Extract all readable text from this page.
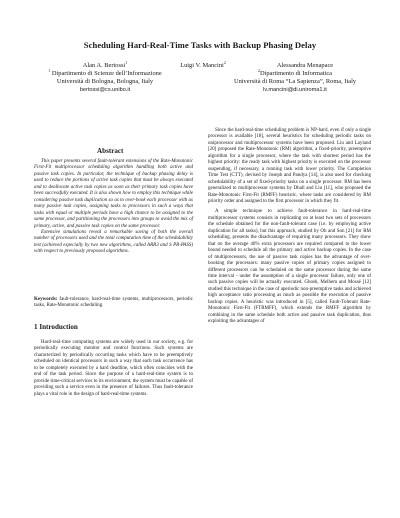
Scheduling Hard-Real-Time Tasks with Backup Phasing Delay
Alan A. Bertossi$^1$
$^1$ Dipartimento di Scienze dell’Informazione
Università di Bologna, Bologna, Italy
bertossi@cs.unibo.it
Luigi V. Mancini$^2$	Alessandra Menapace
$^2$Dipartimento di Informatica
Università di Roma “La Sapienza”, Roma, Italy
lv.mancini@di.uniroma1.it
Abstract

This paper presents several fault-tolerant extensions of the Rate-Monotonic First-Fit multiprocessor scheduling algorithm handling both active and passive task copies. In particular, the technique of backup phasing delay is used to reduce the portions of active task copies that must be always executed and to deallocate active task copies as soon as their primary task copies have been successfully executed. It is also shown how to employ this technique while considering passive task duplication so as to over-book each processor with as many passive task copies, assigning tasks to processors in such a ways that tasks with equal or multiple periods have a high chance to be assigned to the same processor, and partitioning the processors into groups to avoid the mix of primary, active, and passive task copies on the same processor.

Extensive simulations reveal a remarkable saving of both the overall number of processors used and the total computation time of the schedulability test (achieved especially by two new algorithms, called ARR3 and S PR-PASS) with respect to previously proposed algorithms.

Keywords: fault-tolerance, hard-real-time systems, multiprocessors, periodic tasks, Rate-Monotonic scheduling.
1 Introduction

Hard-real-time computing systems are widely used in our society, e.g. for periodically executing monitor and control functions. Such systems are characterized by periodically occurring tasks which have to be preemptively scheduled on identical processors in such a way that each task occurrence has to be completely executed by a hard deadline, which often coincides with the end of the task period. Since the purpose of a hard-real-time system is to provide time-critical services to its environment, the system must be capable of providing such a service even in the presence of failures. Thus fault-tolerance plays a vital role in the design of hard-real-time systems.

Since the hard-real-time scheduling problem is NP-hard, even if only a single processor is available [18], several heuristics for scheduling periodic tasks on uniprocessor and multiprocessor systems have been proposed. Liu and Layland [20] proposed the Rate-Monotonic (RM) algorithm, a fixed-priority, preemptive algorithm for a single processor, where the task with shortest period has the highest priority: the ready task with highest priority is executed on the processor suspending, if necessary, a running task with lower priority. The Completion Time Test (CTT), devised by Joseph and Pandya [14], is also used for checking schedulability of a set of fixed-priority tasks on a single processor. RM has been generalized to multiprocessor systems by Dhall and Liu [11], who proposed the Rate-Monotonic First-Fit (RMFF) heuristic, where tasks are considered by RM priority order and assigned to the first processor in which they fit.

A simple technique to achieve fault-tolerance in hard-real-time multiprocessor systems consists in replicating on at least two sets of processors the schedule obtained for the non-fault-tolerant case (i.e. by employing active duplication for all tasks), but this approach, studied by Oh and Son [21] for RM scheduling, presents the disadvantage of requiring many processors. They show that on the average 40% extra processors are required compared to the lower bound needed to schedule all the primary and active backup copies. In the case of multiprocessors, the use of passive task copies has the advantage of over-booking the processors: many passive copies of primary copies assigned to different processors can be scheduled on the same processor during the same time interval - under the assumption of a single processor failure, only one of such passive copies will be actually executed. Ghosh, Melhem and Mossé [12] studied this technique in the case of aperiodic non-preemptive tasks and achieved high acceptance ratio processing as much as possible the execution of passive backup copies. A heuristic was introduced in [5], called Fault-Tolerant Rate-Monotonic First-Fit (FTRMFF), which extends the RMFF algorithm by combining in the same schedule both active and passive task duplication, thus exploiting the advantages of
